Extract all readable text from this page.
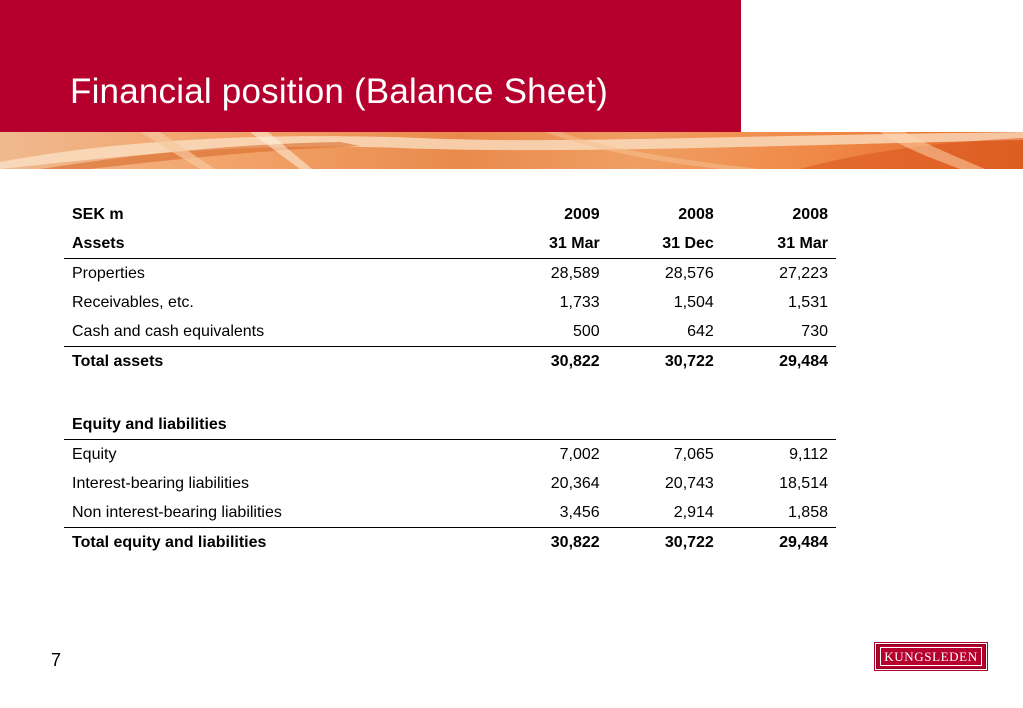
Financial position (Balance Sheet)
SEK m	2009	2008	2008
Assets	31 Mar	31 Dec	31 Mar
Properties	28,589	28,576	27,223
Receivables, etc.	1,733	1,504	1,531
Cash and cash equivalents	500	642	730
Total assets	30,822	30,722	29,484

Equity and liabilities			
Equity	7,002	7,065	9,112
Interest-bearing liabilities	20,364	20,743	18,514
Non interest-bearing liabilities	3,456	2,914	1,858
Total equity and liabilities	30,822	30,722	29,484
7	KUNGSLEDEN
